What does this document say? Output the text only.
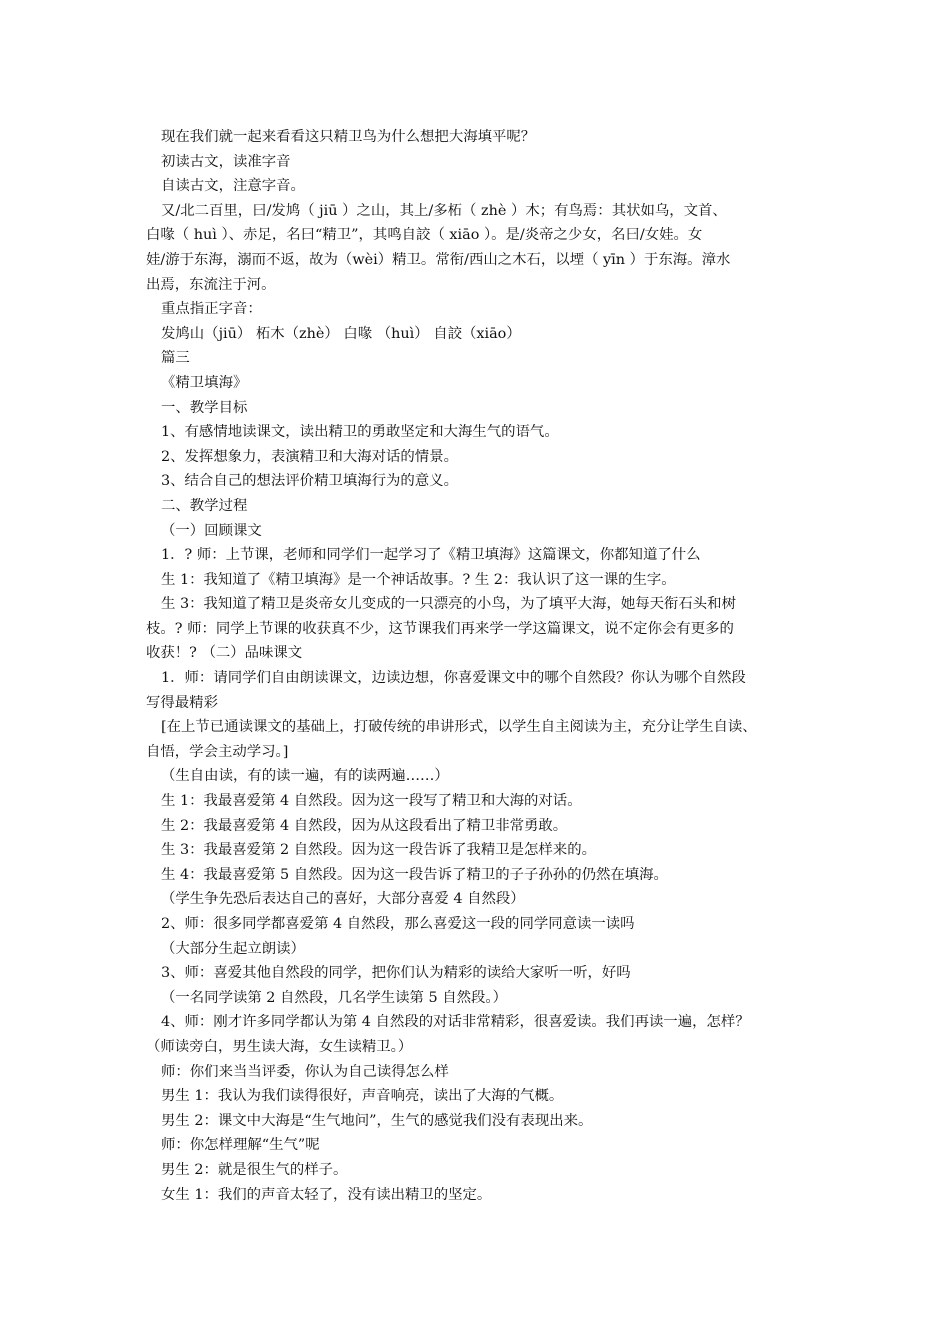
现在我们就一起来看看这只精卫鸟为什么想把大海填平呢？
初读古文，读准字音
自读古文，注意字音。
又/北二百里，曰/发鸠（ jiū ）之山，其上/多柘（ zhè ）木；有鸟焉：其状如乌，文首、
白喙（ huì ）、赤足，名曰“精卫”，其鸣自詨（ xiāo ）。是/炎帝之少女，名曰/女娃。女
娃/游于东海，溺而不返，故为（wèi）精卫。常衔/西山之木石，以堙（ yīn ）于东海。漳水
出焉，东流注于河。
重点指正字音：
发鸠山（jiū） 柘木（zhè） 白喙 （huì） 自詨（xiāo）
篇三
《精卫填海》
一、教学目标
1、有感情地读课文，读出精卫的勇敢坚定和大海生气的语气。
2、发挥想象力，表演精卫和大海对话的情景。
3、结合自己的想法评价精卫填海行为的意义。
二、教学过程
（一）回顾课文
1．? 师：上节课，老师和同学们一起学习了《精卫填海》这篇课文，你都知道了什么
生 1：我知道了《精卫填海》是一个神话故事。? 生 2：我认识了这一课的生字。
生 3：我知道了精卫是炎帝女儿变成的一只漂亮的小鸟，为了填平大海，她每天衔石头和树
枝。? 师：同学上节课的收获真不少，这节课我们再来学一学这篇课文，说不定你会有更多的
收获！? （二）品味课文
1．师：请同学们自由朗读课文，边读边想，你喜爱课文中的哪个自然段？你认为哪个自然段
写得最精彩
[在上节已通读课文的基础上，打破传统的串讲形式，以学生自主阅读为主，充分让学生自读、
自悟，学会主动学习。]
（生自由读，有的读一遍，有的读两遍……）
生 1：我最喜爱第 4 自然段。因为这一段写了精卫和大海的对话。
生 2：我最喜爱第 4 自然段，因为从这段看出了精卫非常勇敢。
生 3：我最喜爱第 2 自然段。因为这一段告诉了我精卫是怎样来的。
生 4：我最喜爱第 5 自然段。因为这一段告诉了精卫的子子孙孙的仍然在填海。
（学生争先恐后表达自己的喜好，大部分喜爱 4 自然段）
2、师：很多同学都喜爱第 4 自然段，那么喜爱这一段的同学同意读一读吗
（大部分生起立朗读）
3、师：喜爱其他自然段的同学，把你们认为精彩的读给大家听一听，好吗
（一名同学读第 2 自然段，几名学生读第 5 自然段。）
4、师：刚才许多同学都认为第 4 自然段的对话非常精彩，很喜爱读。我们再读一遍，怎样？
（师读旁白，男生读大海，女生读精卫。）
师：你们来当当评委，你认为自己读得怎么样
男生 1：我认为我们读得很好，声音响亮，读出了大海的气概。
男生 2：课文中大海是“生气地问”，生气的感觉我们没有表现出来。
师：你怎样理解“生气”呢
男生 2：就是很生气的样子。
女生 1：我们的声音太轻了，没有读出精卫的坚定。
